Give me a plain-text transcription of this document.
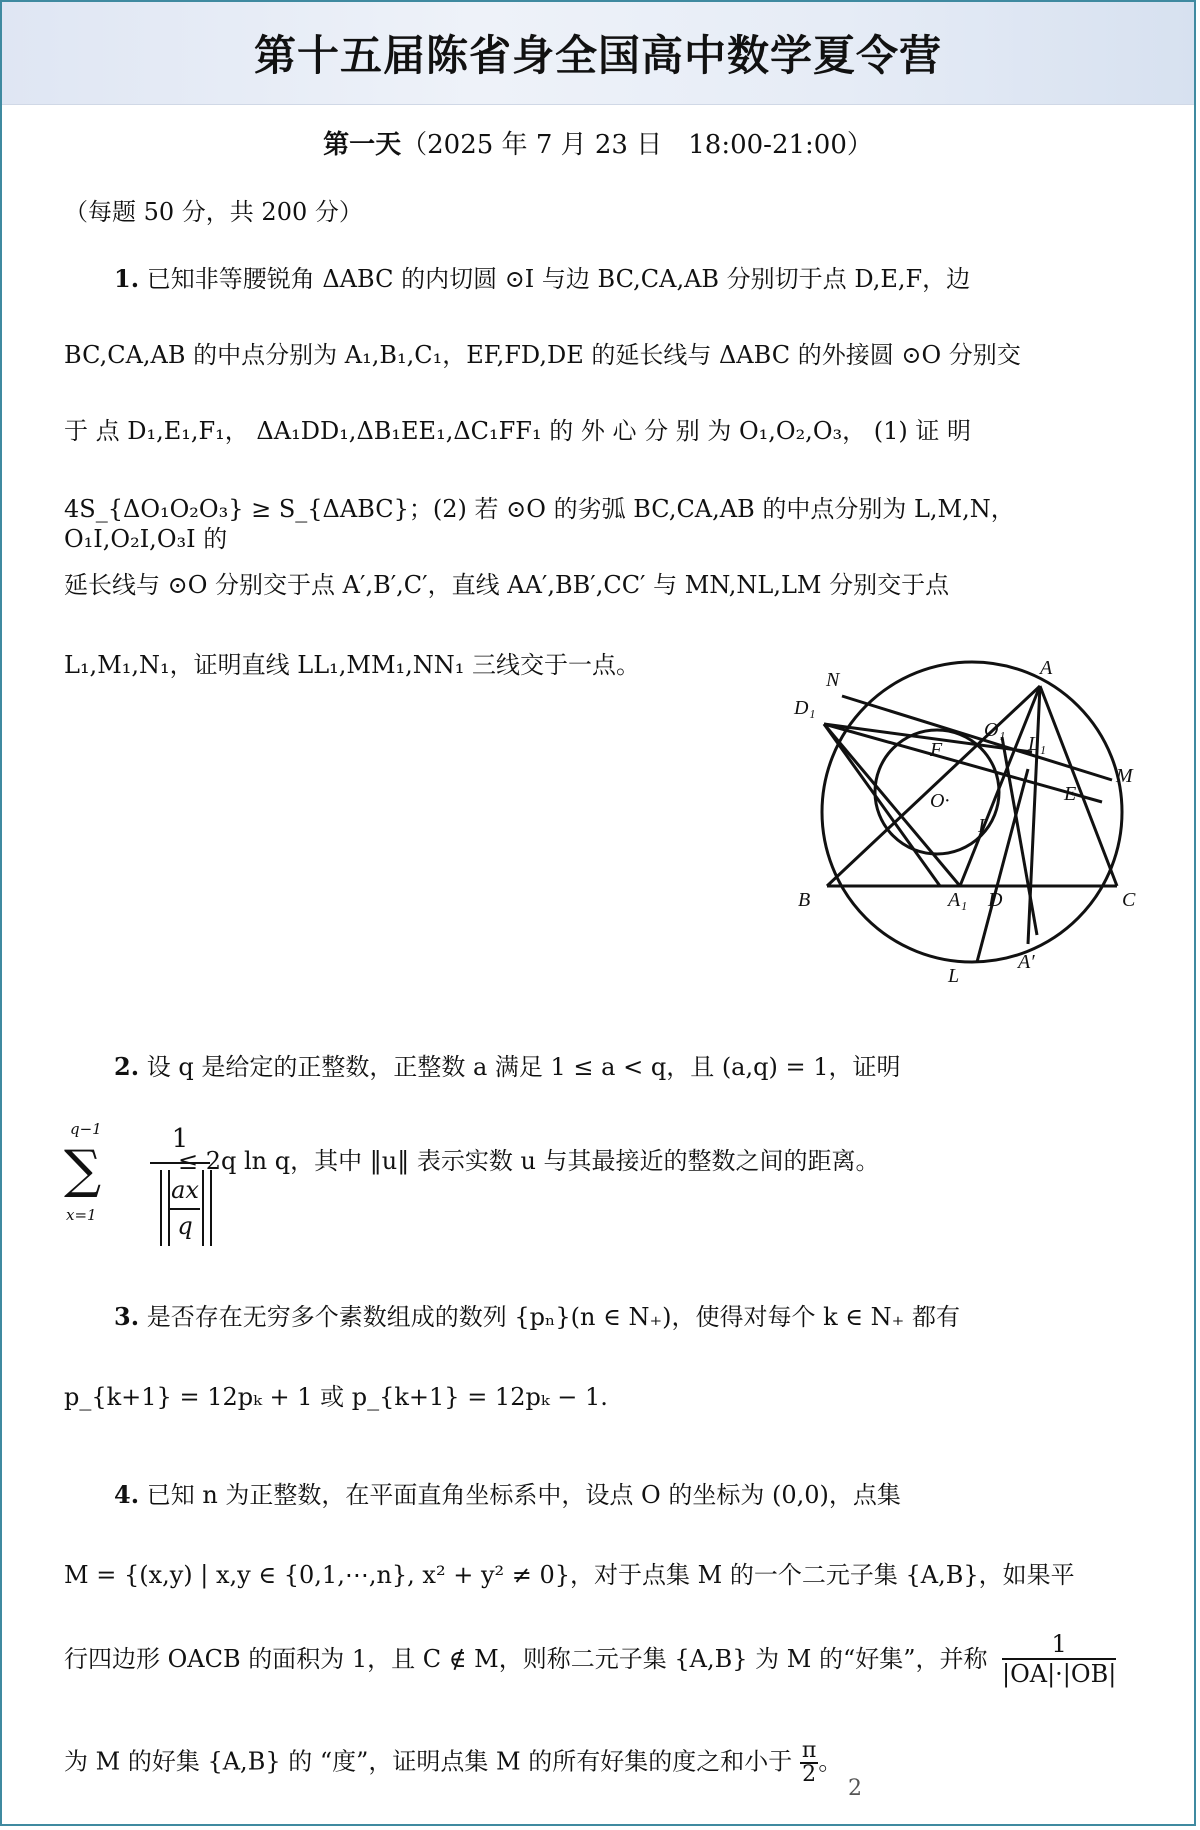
第十五届陈省身全国高中数学夏令营
第一天（2025 年 7 月 23 日　18:00-21:00）
（每题 50 分，共 200 分）
1. 已知非等腰锐角 ΔABC 的内切圆 ⊙I 与边 BC,CA,AB 分别切于点 D,E,F，边
BC,CA,AB 的中点分别为 A₁,B₁,C₁，EF,FD,DE 的延长线与 ΔABC 的外接圆 ⊙O 分别交
于 点 D₁,E₁,F₁， ΔA₁DD₁,ΔB₁EE₁,ΔC₁FF₁ 的 外 心 分 别 为 O₁,O₂,O₃， (1) 证 明
4S_{ΔO₁O₂O₃} ≥ S_{ΔABC}；(2) 若 ⊙O 的劣弧 BC,CA,AB 的中点分别为 L,M,N，O₁I,O₂I,O₃I 的
延长线与 ⊙O 分别交于点 A′,B′,C′，直线 AA′,BB′,CC′ 与 MN,NL,LM 分别交于点
L₁,M₁,N₁，证明直线 LL₁,MM₁,NN₁ 三线交于一点。	A
B	C
D
E
F
I
O·
D₁
N
M
L
L₁
A₁
A′
O₁
2. 设 q 是给定的正整数，正整数 a 满足 1 ≤ a < q，且 (a,q) = 1，证明
q−1
∑
x=1
1
ax
q
≤ 2q ln q，其中 ‖u‖ 表示实数 u 与其最接近的整数之间的距离。
3. 是否存在无穷多个素数组成的数列 {pₙ}(n ∈ N₊)，使得对每个 k ∈ N₊ 都有
p_{k+1} = 12pₖ + 1 或 p_{k+1} = 12pₖ − 1.
4. 已知 n 为正整数，在平面直角坐标系中，设点 O 的坐标为 (0,0)，点集
M = {(x,y) | x,y ∈ {0,1,⋯,n}, x² + y² ≠ 0}，对于点集 M 的一个二元子集 {A,B}，如果平
行四边形 OACB 的面积为 1，且 C ∉ M，则称二元子集 {A,B} 为 M 的“好集”，并称 $\frac{1}{|OA|\cdot|OB|}$
为 M 的好集 {A,B} 的 “度”，证明点集 M 的所有好集的度之和小于 $\frac{\pi}{2}$ 。
2
